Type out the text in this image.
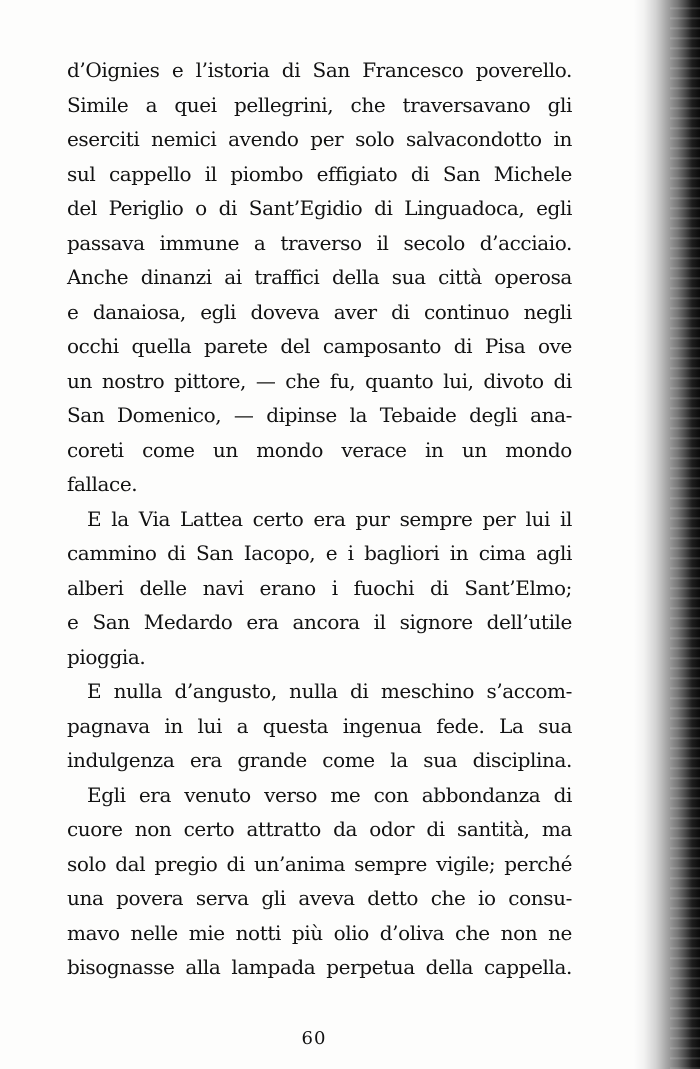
d’Oignies e l’istoria di San Francesco poverello.
Simile a quei pellegrini, che traversavano gli
eserciti nemici avendo per solo salvacondotto in
sul cappello il piombo effigiato di San Michele
del Periglio o di Sant’Egidio di Linguadoca, egli
passava immune a traverso il secolo d’acciaio.
Anche dinanzi ai traffici della sua città operosa
e danaiosa, egli doveva aver di continuo negli
occhi quella parete del camposanto di Pisa ove
un nostro pittore, — che fu, quanto lui, divoto di
San Domenico, — dipinse la Tebaide degli ana-
coreti come un mondo verace in un mondo
fallace.
E la Via Lattea certo era pur sempre per lui il
cammino di San Iacopo, e i bagliori in cima agli
alberi delle navi erano i fuochi di Sant’Elmo;
e San Medardo era ancora il signore dell’utile
pioggia.
E nulla d’angusto, nulla di meschino s’accom-
pagnava in lui a questa ingenua fede. La sua
indulgenza era grande come la sua disciplina.
Egli era venuto verso me con abbondanza di
cuore non certo attratto da odor di santità, ma
solo dal pregio di un’anima sempre vigile; perché
una povera serva gli aveva detto che io consu-
mavo nelle mie notti più olio d’oliva che non ne
bisognasse alla lampada perpetua della cappella.
60
